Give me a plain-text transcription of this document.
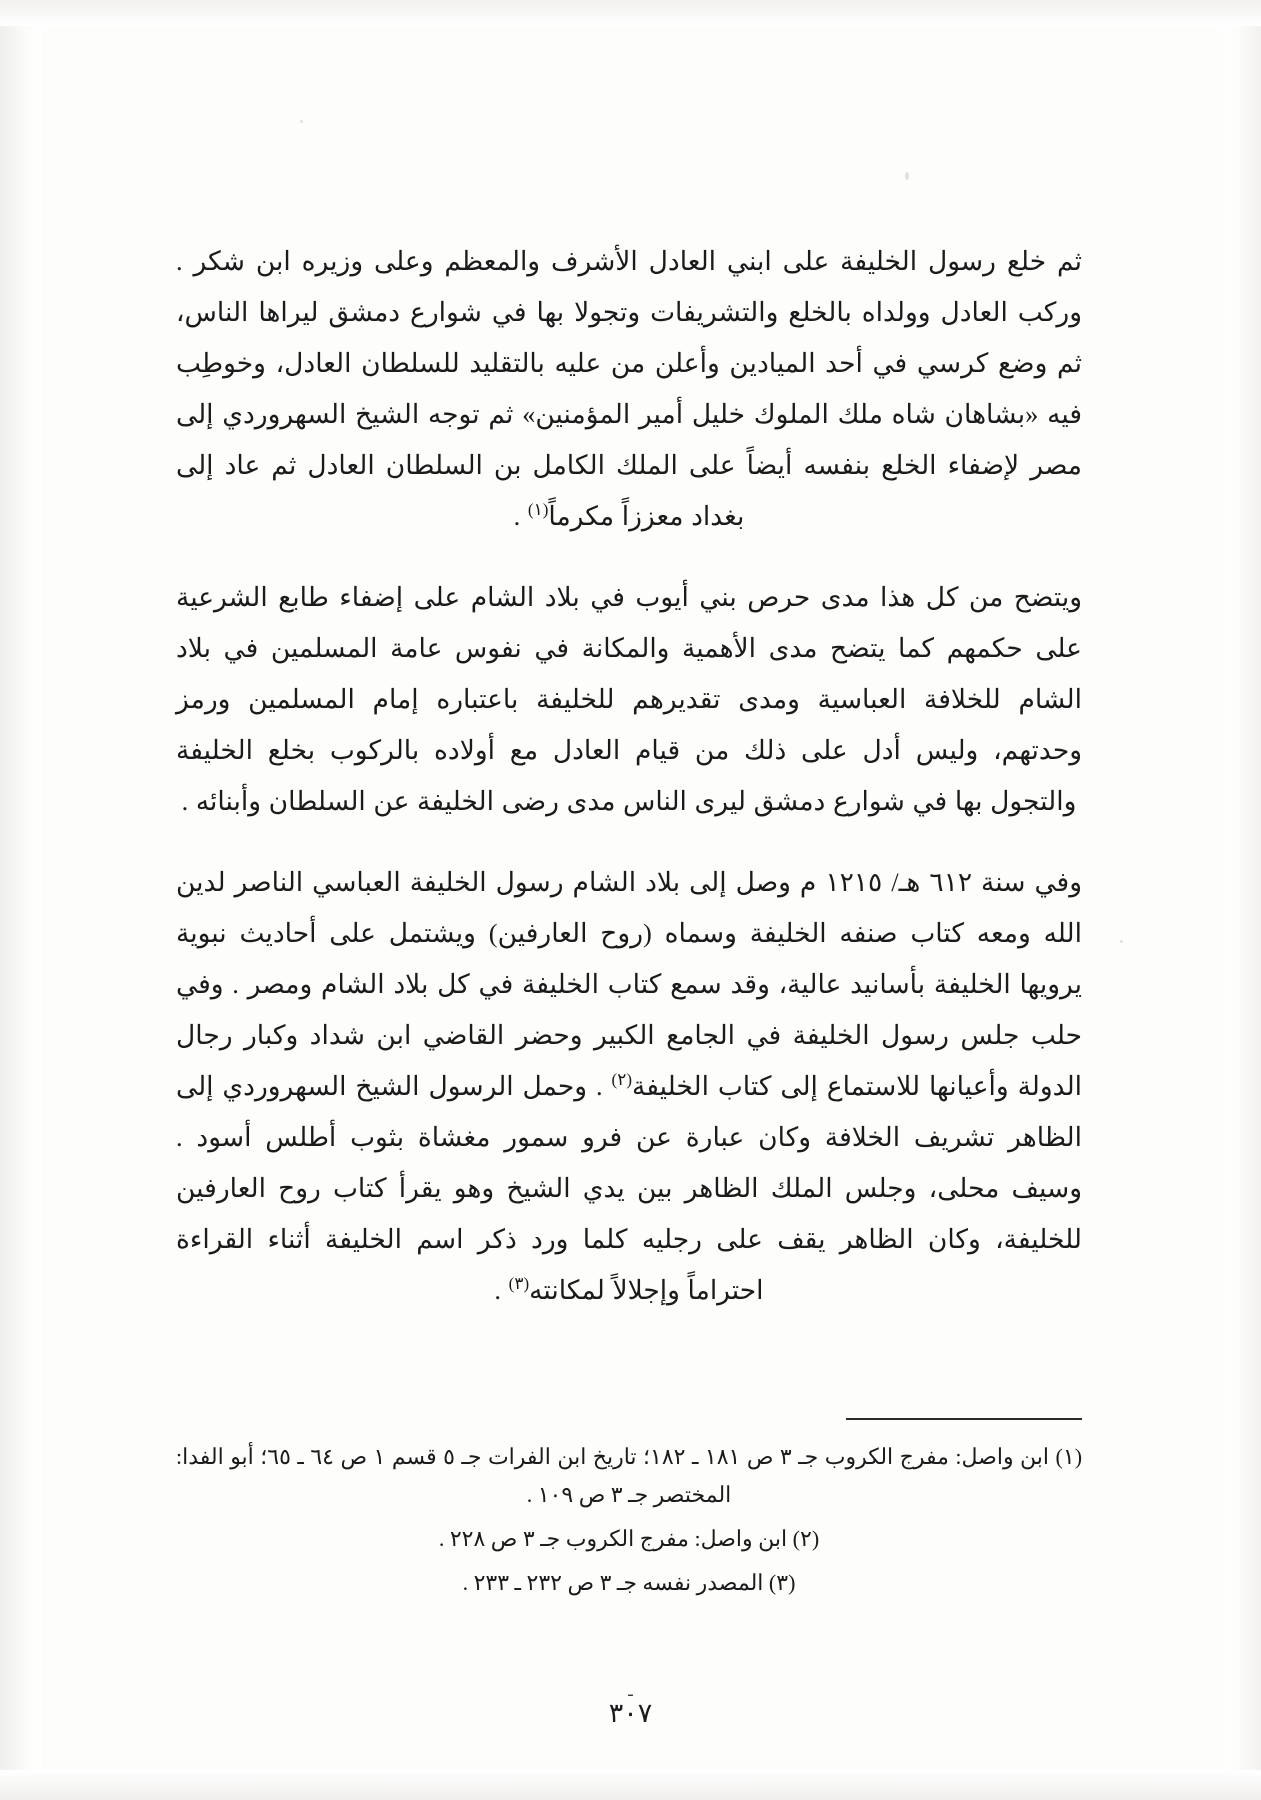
ثم خلع رسول الخليفة على ابني العادل الأشرف والمعظم وعلى وزيره ابن شكر . وركب العادل وولداه بالخلع والتشريفات وتجولا بها في شوارع دمشق ليراها الناس، ثم وضع كرسي في أحد الميادين وأعلن من عليه بالتقليد للسلطان العادل، وخوطِب فيه «بشاهان شاه ملك الملوك خليل أمير المؤمنين» ثم توجه الشيخ السهروردي إلى مصر لإضفاء الخلع بنفسه أيضاً على الملك الكامل بن السلطان العادل ثم عاد إلى بغداد معززاً مكرماً$^{(١)}$ .

ويتضح من كل هذا مدى حرص بني أيوب في بلاد الشام على إضفاء طابع الشرعية على حكمهم كما يتضح مدى الأهمية والمكانة في نفوس عامة المسلمين في بلاد الشام للخلافة العباسية ومدى تقديرهم للخليفة باعتباره إمام المسلمين ورمز وحدتهم، وليس أدل على ذلك من قيام العادل مع أولاده بالركوب بخلع الخليفة والتجول بها في شوارع دمشق ليرى الناس مدى رضى الخليفة عن السلطان وأبنائه .

وفي سنة ٦١٢ هـ/ ١٢١٥ م وصل إلى بلاد الشام رسول الخليفة العباسي الناصر لدين الله ومعه كتاب صنفه الخليفة وسماه (روح العارفين) ويشتمل على أحاديث نبوية يرويها الخليفة بأسانيد عالية، وقد سمع كتاب الخليفة في كل بلاد الشام ومصر . وفي حلب جلس رسول الخليفة في الجامع الكبير وحضر القاضي ابن شداد وكبار رجال الدولة وأعيانها للاستماع إلى كتاب الخليفة$^{(٢)}$ . وحمل الرسول الشيخ السهروردي إلى الظاهر تشريف الخلافة وكان عبارة عن فرو سمور مغشاة بثوب أطلس أسود . وسيف محلى، وجلس الملك الظاهر بين يدي الشيخ وهو يقرأ كتاب روح العارفين للخليفة، وكان الظاهر يقف على رجليه كلما ورد ذكر اسم الخليفة أثناء القراءة احتراماً وإجلالاً لمكانته$^{(٣)}$ .

(١) ابن واصل: مفرج الكروب جـ ٣ ص ١٨١ ـ ١٨٢؛ تاريخ ابن الفرات جـ ٥ قسم ١ ص ٦٤ ـ ٦٥؛ أبو الفدا: المختصر جـ ٣ ص ١٠٩ .

(٢) ابن واصل: مفرج الكروب جـ ٣ ص ٢٢٨ .

(٣) المصدر نفسه جـ ٣ ص ٢٣٢ ـ ٢٣٣ .

ـ
٣٠٧
